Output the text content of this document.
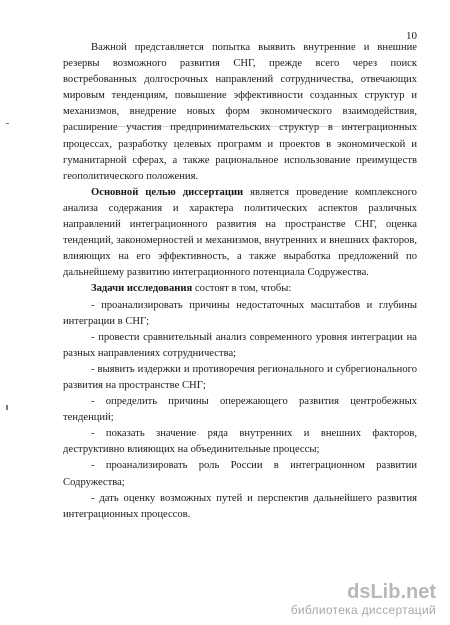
10

Важной представляется попытка выявить внутренние и внешние резервы возможного развития СНГ, прежде всего через поиск востребованных долгосрочных направлений сотрудничества, отвечающих мировым тенденциям, повышение эффективности созданных структур и механизмов, внедрение новых форм экономического взаимодействия, расширение участия предпринимательских структур в интеграционных процессах, разработку целевых программ и проектов в экономической и гуманитарной сферах, а также рациональное использование преимуществ геополитического положения.

Основной целью диссертации является проведение комплексного анализа содержания и характера политических аспектов различных направлений интеграционного развития на пространстве СНГ, оценка тенденций, закономерностей и механизмов, внутренних и внешних факторов, влияющих на его эффективность, а также выработка предложений по дальнейшему развитию интеграционного потенциала Содружества.

Задачи исследования состоят в том, чтобы:

- проанализировать причины недостаточных масштабов и глубины интеграции в СНГ;

- провести сравнительный анализ современного уровня интеграции на разных направлениях сотрудничества;

- выявить издержки и противоречия регионального и субрегионального развития на пространстве СНГ;

- определить причины опережающего развития центробежных тенденций;

- показать значение ряда внутренних и внешних факторов, деструктивно влияющих на объединительные процессы;

- проанализировать роль России в интеграционном развитии Содружества;

- дать оценку возможных путей и перспектив дальнейшего развития интеграционных процессов.

dsLib.net
библиотека диссертаций
